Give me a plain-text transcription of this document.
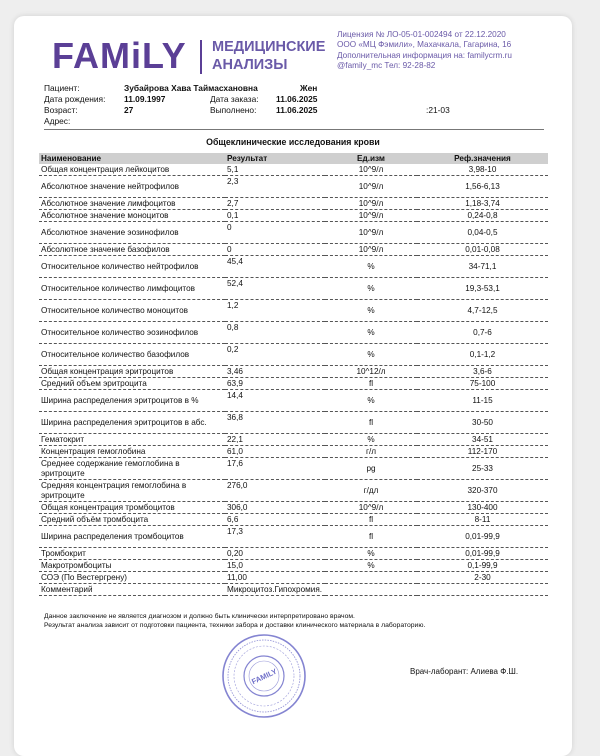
FAMiLY МЕДИЦИНСКИЕ
АНАЛИЗЫ
Лицензия № ЛО-05-01-002494 от 22.12.2020
ООО «МЦ Фэмили», Махачкала, Гагарина, 16
Дополнительная информация на: familycrm.ru
@family_mc Тел: 92-28-82
Пациент:	Зубайрова Хава Таймасхановна	Жен
Дата рождения: 11.09.1997	Дата заказа: 11.06.2025
Возраст:	27	Выполнено: 11.06.2025	:21-03
Адрес:
Общеклинические исследования крови
Наименование	Результат	Ед.изм	Реф.значения
Общая концентрация лейкоцитов	5,1	10^9/л	3,98-10
Абсолютное значение нейтрофилов	2,3	10^9/л	1,56-6,13
Абсолютное значение лимфоцитов	2,7	10^9/л	1,18-3,74
Абсолютное значение моноцитов	0,1	10^9/л	0,24-0,8
Абсолютное значение эозинофилов	0	10^9/л	0,04-0,5
Абсолютное значение базофилов	0	10^9/л	0,01-0,08
Относительное количество нейтрофилов	45,4	%	34-71,1
Относительное количество лимфоцитов	52,4	%	19,3-53,1
Относительное количество моноцитов	1,2	%	4,7-12,5
Относительное количество эозинофилов	0,8	%	0,7-6
Относительное количество базофилов	0,2	%	0,1-1,2
Общая концентрация эритроцитов	3,46	10^12/л	3,6-6
Средний объем эритроцита	63,9	fl	75-100
Ширина распределения эритроцитов в %	14,4	%	11-15
Ширина распределения эритроцитов в абс.	36,8	fl	30-50
Гематокрит	22,1	%	34-51
Концентрация гемоглобина	61,0	г/л	112-170
Среднее содержание гемоглобина в эритроците	17,6	pg	25-33
Средняя концентрация гемоглобина в эритроците	276,0	г/дл	320-370
Общая концентрация тромбоцитов	306,0	10^9/л	130-400
Средний объём тромбоцита	6,6	fl	8-11
Ширина распределения тромбоцитов	17,3	fl	0,01-99,9
Тромбокрит	0,20	%	0,01-99,9
Макротромбоциты	15,0	%	0,1-99,9
СОЭ (По Вестергрену)	11,00		2-30
Комментарий	Микроцитоз.Гипохромия.		
Данное заключение не является диагнозом и должно быть клинически интерпретировано врачом.
Результат анализа зависит от подготовки пациента, техники забора и доставки клинического материала в лабораторию.
FAMILY	Врач-лаборант: Алиева Ф.Ш.
